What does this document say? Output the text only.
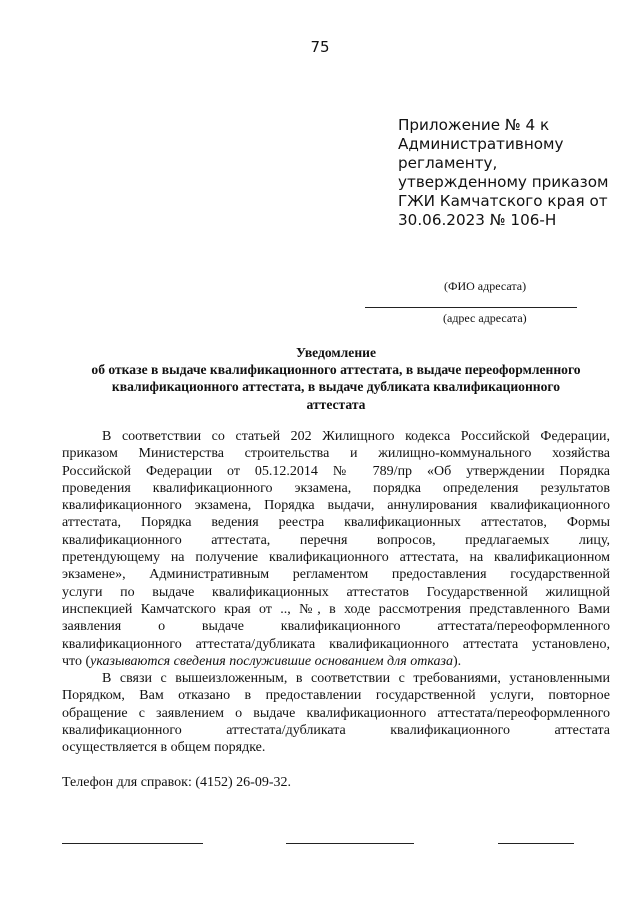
75
Приложение № 4 к
Административному
регламенту,
утвержденному приказом
ГЖИ Камчатского края от
30.06.2023 № 106-Н
(ФИО адресата)
(адрес адресата)
Уведомление
об отказе в выдаче квалификационного аттестата, в выдаче переоформленного
квалификационного аттестата, в выдаче дубликата квалификационного
аттестата
В соответствии со статьей 202 Жилищного кодекса Российской Федерации,
приказом Министерства строительства и жилищно-коммунального хозяйства
Российской Федерации от 05.12.2014 № 789/пр «Об утверждении Порядка
проведения квалификационного экзамена, порядка определения результатов
квалификационного экзамена, Порядка выдачи, аннулирования квалификационного
аттестата, Порядка ведения реестра квалификационных аттестатов, Формы
квалификационного аттестата, перечня вопросов, предлагаемых лицу,
претендующему на получение квалификационного аттестата, на квалификационном
экзамене», Административным регламентом предоставления государственной
услуги по выдаче квалификационных аттестатов Государственной жилищной
инспекцией Камчатского края от .., №, в ходе рассмотрения представленного Вами
заявления о выдаче квалификационного аттестата/переоформленного
квалификационного аттестата/дубликата квалификационного аттестата установлено,
что (указываются сведения послужившие основанием для отказа).
В связи с вышеизложенным, в соответствии с требованиями, установленными
Порядком, Вам отказано в предоставлении государственной услуги, повторное
обращение с заявлением о выдаче квалификационного аттестата/переоформленного
квалификационного аттестата/дубликата квалификационного аттестата
осуществляется в общем порядке.
Телефон для справок: (4152) 26-09-32.
